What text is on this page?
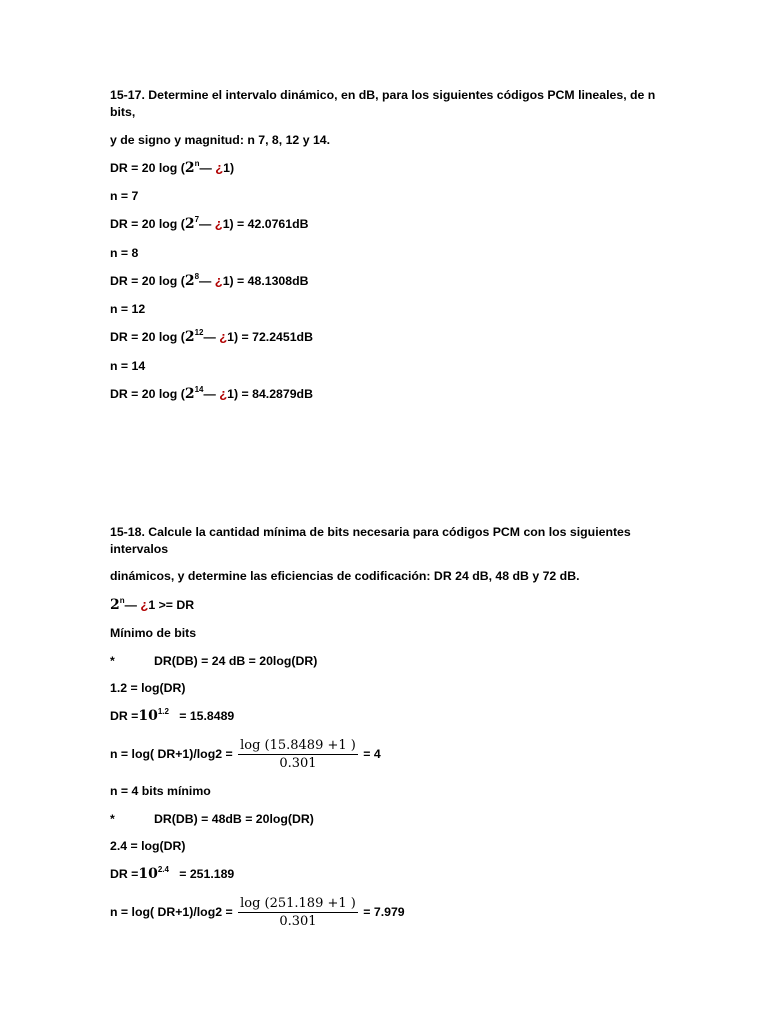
15-17. Determine el intervalo dinámico, en dB, para los siguientes códigos PCM lineales, de n
bits,
y de signo y magnitud: n 7, 8, 12 y 14.
DR = 20 log (2$^n$— ¿1)
n = 7
DR = 20 $\log (2^7—$ ¿1) = 42.0761dB
n = 8
DR = 20 $\log (2^8—$ ¿1) = 48.1308dB
n = 12
DR = 20 $\log (2^{12}—$ ¿1) = 72.2451dB
n = 14
DR = 20 $\log (2^{14}—$ ¿1) = 84.2879dB
15-18. Calcule la cantidad mínima de bits necesaria para códigos PCM con los siguientes
intervalos
dinámicos, y determine las eficiencias de codificación: DR 24 dB, 48 dB y 72 dB.
2$^n$— ¿1 >= DR
Mínimo de bits
*	DR(DB) = 24 dB = 20log(DR)
1.2 = log(DR)
DR $=10^{1.2} = 15.8489$
n = log( $DR+1)/\log 2 = \frac{\log (15.8489 +1 )}{0.301} = 4$
n = 4 bits mínimo
*	DR(DB) = 48dB = 20log(DR)
2.4 = log(DR)
DR $=10^{2.4} = 251.189$
n = log( $DR+1)/\log 2 = \frac{\log (251.189 +1 )}{0.301} = 7.979$
